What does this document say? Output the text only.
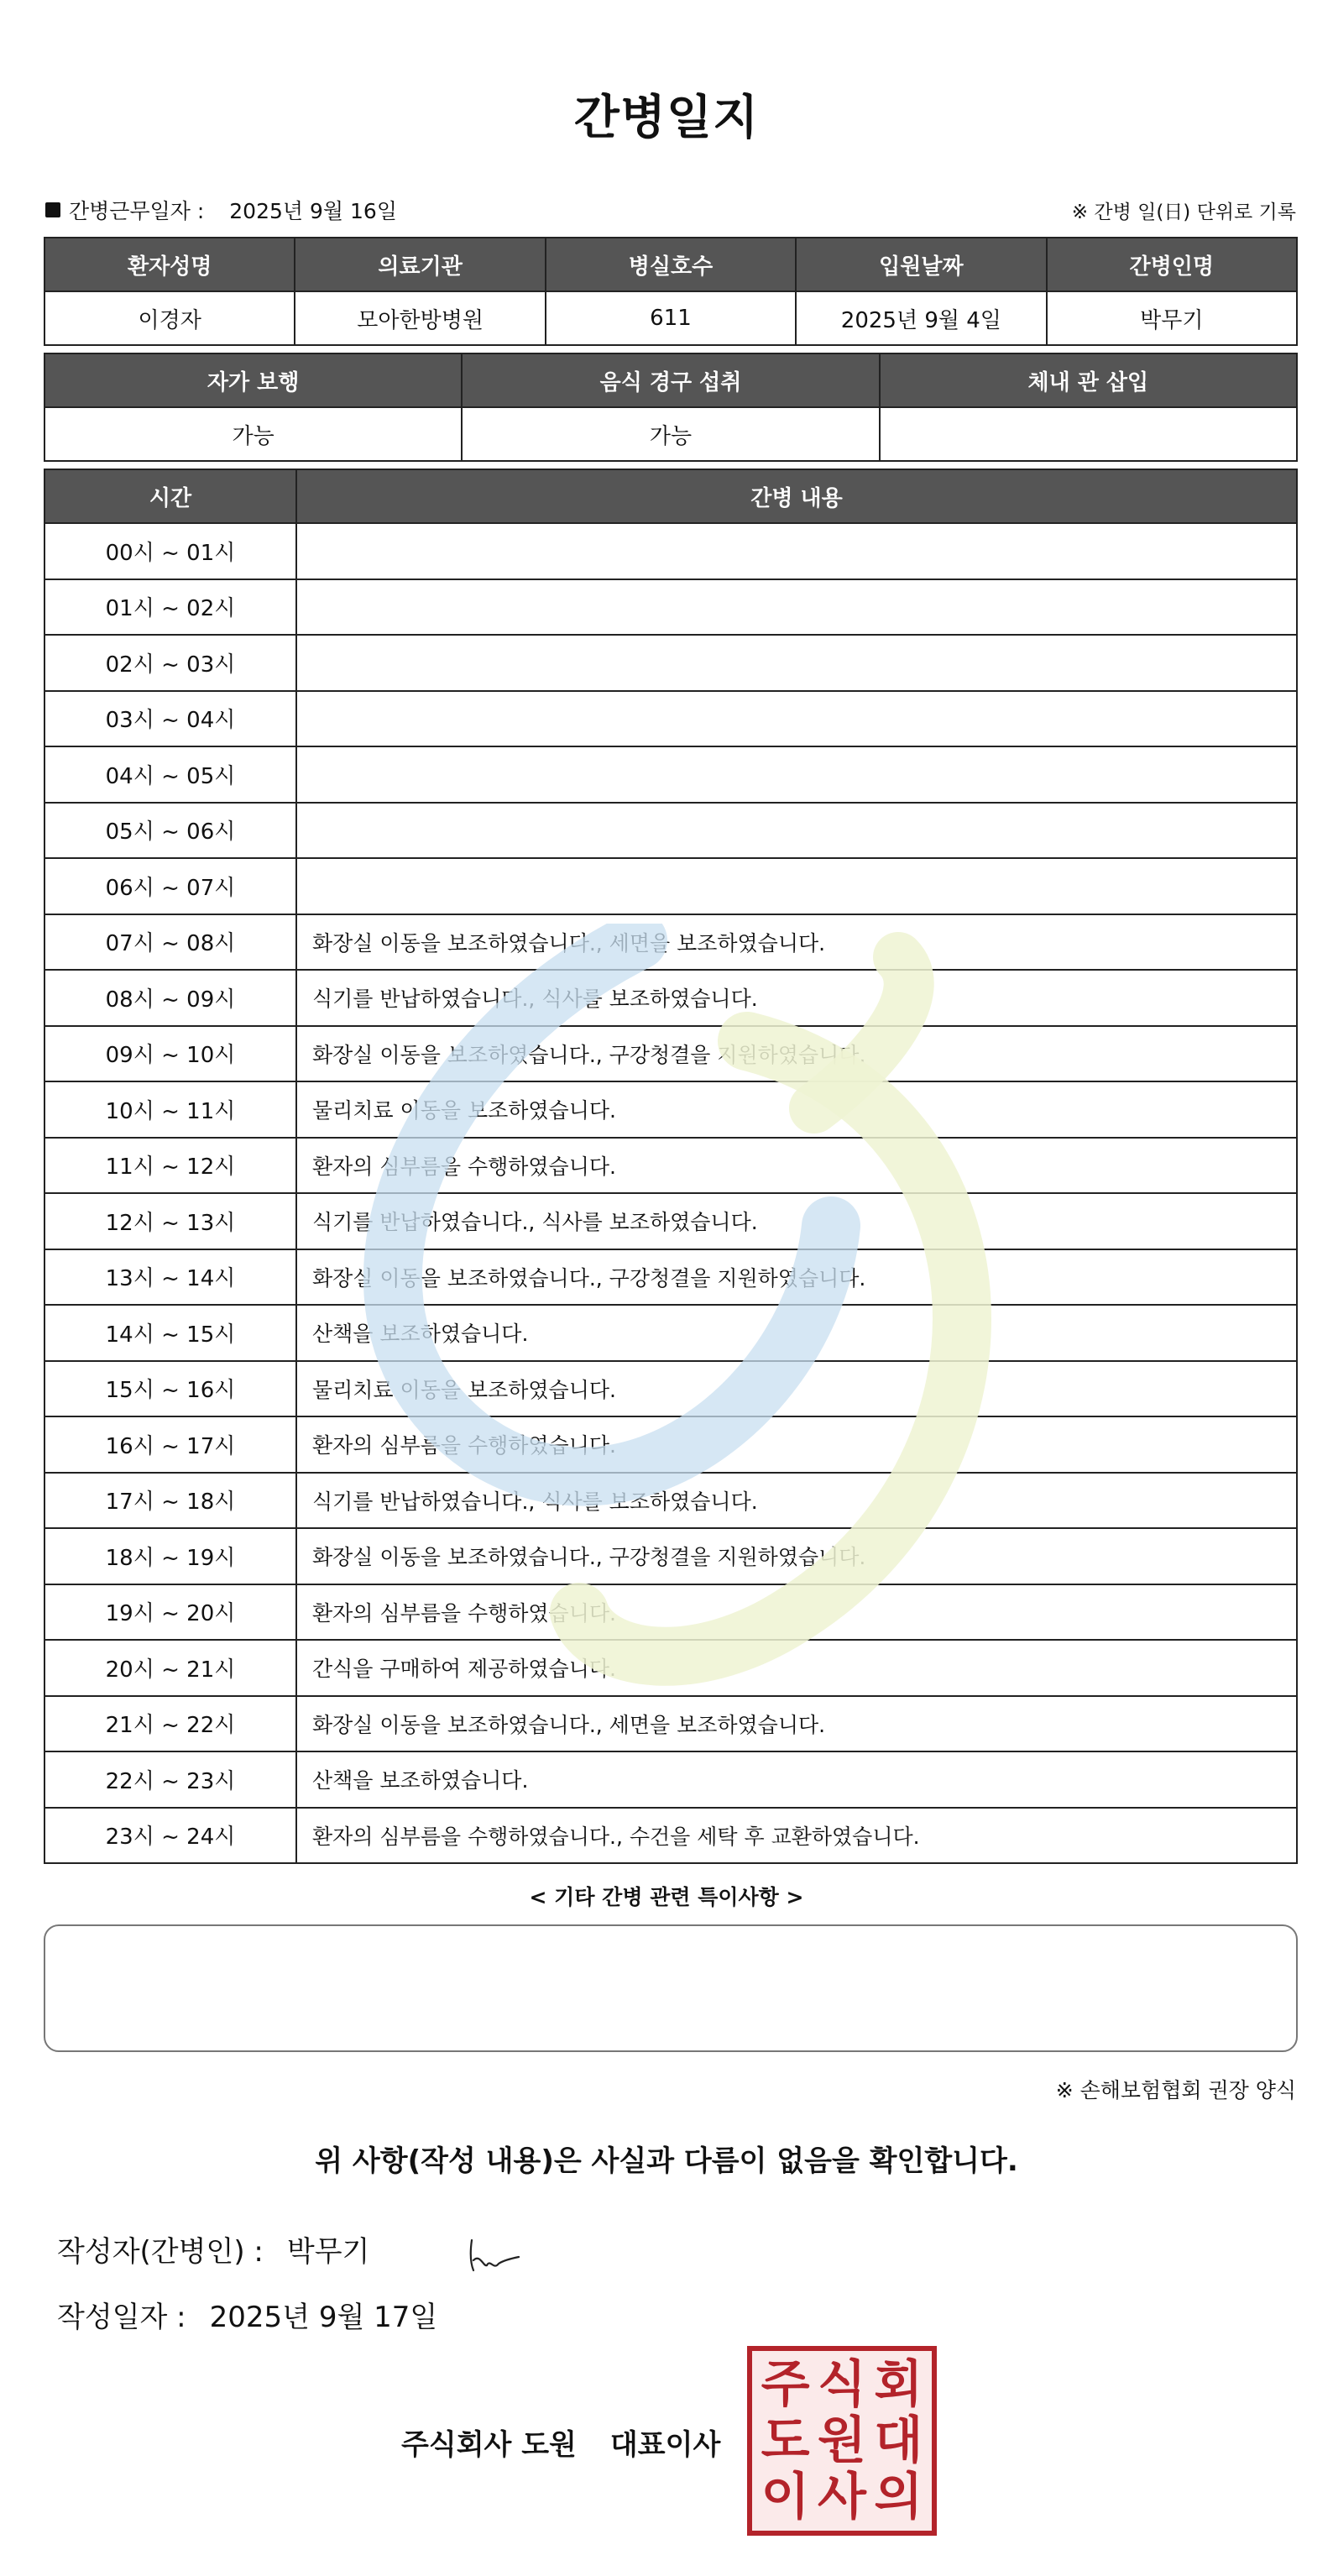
간병일지
간병근무일자 : 2025년 9월 16일	※ 간병 일(日) 단위로 기록
환자성명	의료기관	병실호수	입원날짜	간병인명
이경자	모아한방병원	611	2025년 9월 4일	박무기
자가 보행	음식 경구 섭취	체내 관 삽입
가능	가능	
시간	간병 내용
00시 ~ 01시	
01시 ~ 02시	
02시 ~ 03시	
03시 ~ 04시	
04시 ~ 05시	
05시 ~ 06시	
06시 ~ 07시	
07시 ~ 08시	화장실 이동을 보조하였습니다., 세면을 보조하였습니다.
08시 ~ 09시	식기를 반납하였습니다., 식사를 보조하였습니다.
09시 ~ 10시	화장실 이동을 보조하였습니다., 구강청결을 지원하였습니다.
10시 ~ 11시	물리치료 이동을 보조하였습니다.
11시 ~ 12시	환자의 심부름을 수행하였습니다.
12시 ~ 13시	식기를 반납하였습니다., 식사를 보조하였습니다.
13시 ~ 14시	화장실 이동을 보조하였습니다., 구강청결을 지원하였습니다.
14시 ~ 15시	산책을 보조하였습니다.
15시 ~ 16시	물리치료 이동을 보조하였습니다.
16시 ~ 17시	환자의 심부름을 수행하였습니다.
17시 ~ 18시	식기를 반납하였습니다., 식사를 보조하였습니다.
18시 ~ 19시	화장실 이동을 보조하였습니다., 구강청결을 지원하였습니다.
19시 ~ 20시	환자의 심부름을 수행하였습니다.
20시 ~ 21시	간식을 구매하여 제공하였습니다.
21시 ~ 22시	화장실 이동을 보조하였습니다., 세면을 보조하였습니다.
22시 ~ 23시	산책을 보조하였습니다.
23시 ~ 24시	환자의 심부름을 수행하였습니다., 수건을 세탁 후 교환하였습니다.
< 기타 간병 관련 특이사항 >
※ 손해보험협회 권장 양식
위 사항(작성 내용)은 사실과 다름이 없음을 확인합니다.
작성자(간병인) : 박무기
작성일자 : 2025년 9월 17일
주식회사 도원 대표이사
주 식 회
도 원 대
이 사 의
